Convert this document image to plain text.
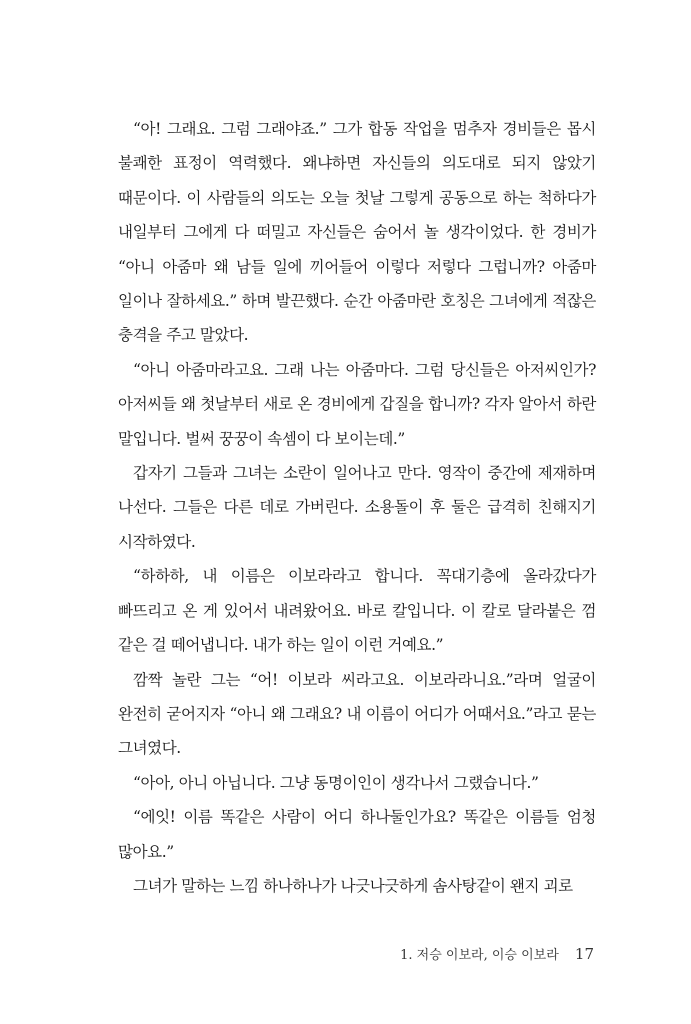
“아! 그래요. 그럼 그래야죠.” 그가 합동 작업을 멈추자 경비들은 몹시 불쾌한 표정이 역력했다. 왜냐하면 자신들의 의도대로 되지 않았기 때문이다. 이 사람들의 의도는 오늘 첫날 그렇게 공동으로 하는 척하다가 내일부터 그에게 다 떠밀고 자신들은 숨어서 놀 생각이었다. 한 경비가 “아니 아줌마 왜 남들 일에 끼어들어 이렇다 저렇다 그럽니까? 아줌마 일이나 잘하세요.” 하며 발끈했다. 순간 아줌마란 호칭은 그녀에게 적잖은 충격을 주고 말았다.

“아니 아줌마라고요. 그래 나는 아줌마다. 그럼 당신들은 아저씨인가? 아저씨들 왜 첫날부터 새로 온 경비에게 갑질을 합니까? 각자 알아서 하란 말입니다. 벌써 꿍꿍이 속셈이 다 보이는데.”

갑자기 그들과 그녀는 소란이 일어나고 만다. 영작이 중간에 제재하며 나선다. 그들은 다른 데로 가버린다. 소용돌이 후 둘은 급격히 친해지기 시작하였다.

“하하하, 내 이름은 이보라라고 합니다. 꼭대기층에 올라갔다가 빠뜨리고 온 게 있어서 내려왔어요. 바로 칼입니다. 이 칼로 달라붙은 껌 같은 걸 떼어냅니다. 내가 하는 일이 이런 거예요.”

깜짝 놀란 그는 “어! 이보라 씨라고요. 이보라라니요.”라며 얼굴이 완전히 굳어지자 “아니 왜 그래요? 내 이름이 어디가 어때서요.”라고 묻는 그녀였다.

“아아, 아니 아닙니다. 그냥 동명이인이 생각나서 그랬습니다.”

“에잇! 이름 똑같은 사람이 어디 하나둘인가요? 똑같은 이름들 엄청 많아요.”

그녀가 말하는 느낌 하나하나가 나긋나긋하게 솜사탕같이 왠지 괴로

1. 저승 이보라, 이승 이보라 17
